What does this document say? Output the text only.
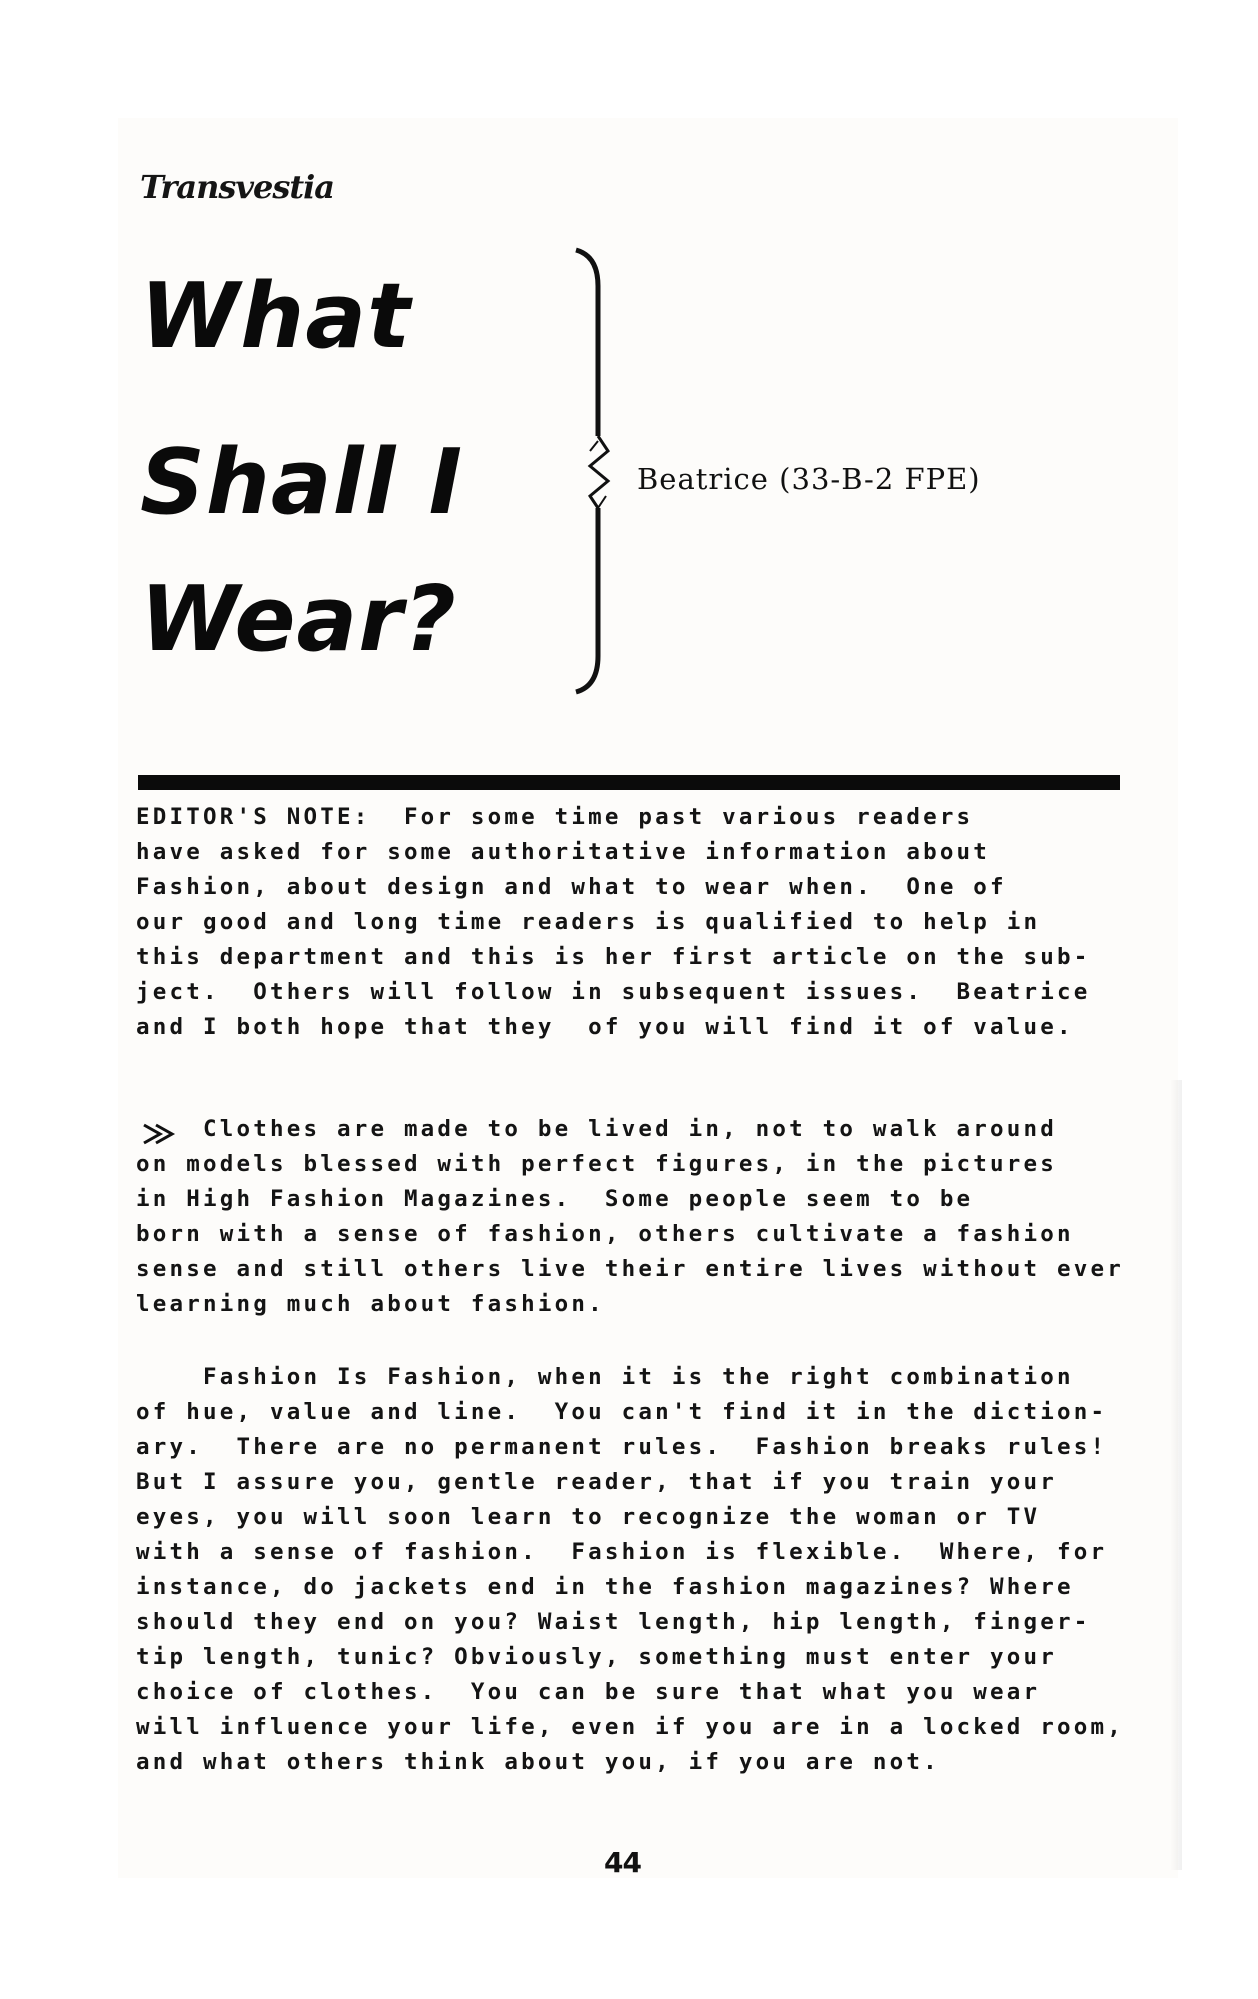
Transvestia
What
Shall I
Wear?
Beatrice (33-B-2 FPE)
EDITOR'S NOTE:  For some time past various readers
have asked for some authoritative information about
Fashion, about design and what to wear when.  One of
our good and long time readers is qualified to help in
this department and this is her first article on the sub-
ject.  Others will follow in subsequent issues.  Beatrice
and I both hope that they  of you will find it of value.
Clothes are made to be lived in, not to walk around
on models blessed with perfect figures, in the pictures
in High Fashion Magazines.  Some people seem to be
born with a sense of fashion, others cultivate a fashion
sense and still others live their entire lives without ever
learning much about fashion.
Fashion Is Fashion, when it is the right combination
of hue, value and line.  You can't find it in the diction-
ary.  There are no permanent rules.  Fashion breaks rules!
But I assure you, gentle reader, that if you train your
eyes, you will soon learn to recognize the woman or TV
with a sense of fashion.  Fashion is flexible.  Where, for
instance, do jackets end in the fashion magazines? Where
should they end on you? Waist length, hip length, finger-
tip length, tunic? Obviously, something must enter your
choice of clothes.  You can be sure that what you wear
will influence your life, even if you are in a locked room,
and what others think about you, if you are not.
44
